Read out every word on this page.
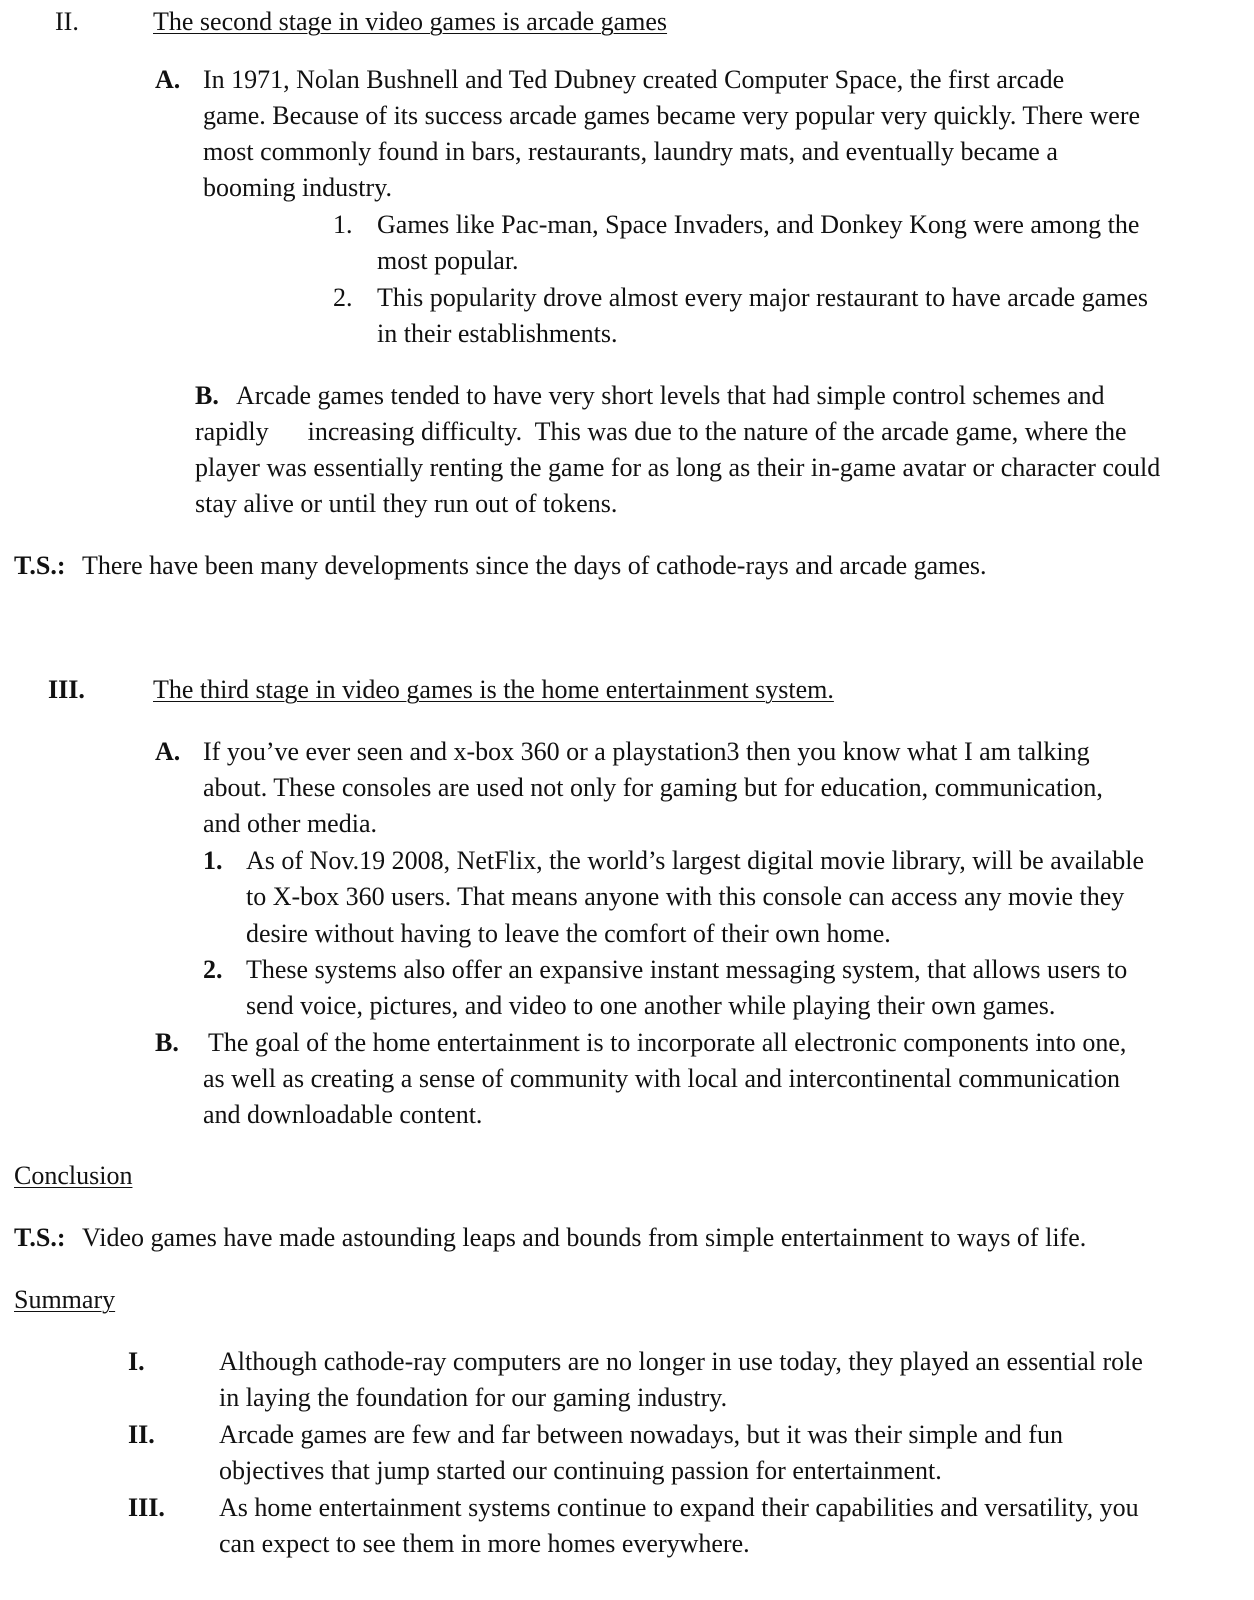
II.	The second stage in video games is arcade games
A. In 1971, Nolan Bushnell and Ted Dubney created Computer Space, the first arcade
game. Because of its success arcade games became very popular very quickly. There were
most commonly found in bars, restaurants, laundry mats, and eventually became a
booming industry.
1. Games like Pac-man, Space Invaders, and Donkey Kong were among the
most popular.
2. This popularity drove almost every major restaurant to have arcade games
in their establishments.
B. Arcade games tended to have very short levels that had simple control schemes and
rapidly      increasing difficulty.  This was due to the nature of the arcade game, where the
player was essentially renting the game for as long as their in-game avatar or character could
stay alive or until they run out of tokens.
T.S.: There have been many developments since the days of cathode-rays and arcade games.
III.	The third stage in video games is the home entertainment system.
A. If you’ve ever seen and x-box 360 or a playstation3 then you know what I am talking
about. These consoles are used not only for gaming but for education, communication,
and other media.
1. As of Nov.19 2008, NetFlix, the world’s largest digital movie library, will be available
to X-box 360 users. That means anyone with this console can access any movie they
desire without having to leave the comfort of their own home.
2. These systems also offer an expansive instant messaging system, that allows users to
send voice, pictures, and video to one another while playing their own games.
B. The goal of the home entertainment is to incorporate all electronic components into one,
as well as creating a sense of community with local and intercontinental communication
and downloadable content.
Conclusion
T.S.: Video games have made astounding leaps and bounds from simple entertainment to ways of life.
Summary
I.	Although cathode-ray computers are no longer in use today, they played an essential role
in laying the foundation for our gaming industry.
II. Arcade games are few and far between nowadays, but it was their simple and fun
objectives that jump started our continuing passion for entertainment.
III. As home entertainment systems continue to expand their capabilities and versatility, you
can expect to see them in more homes everywhere.
